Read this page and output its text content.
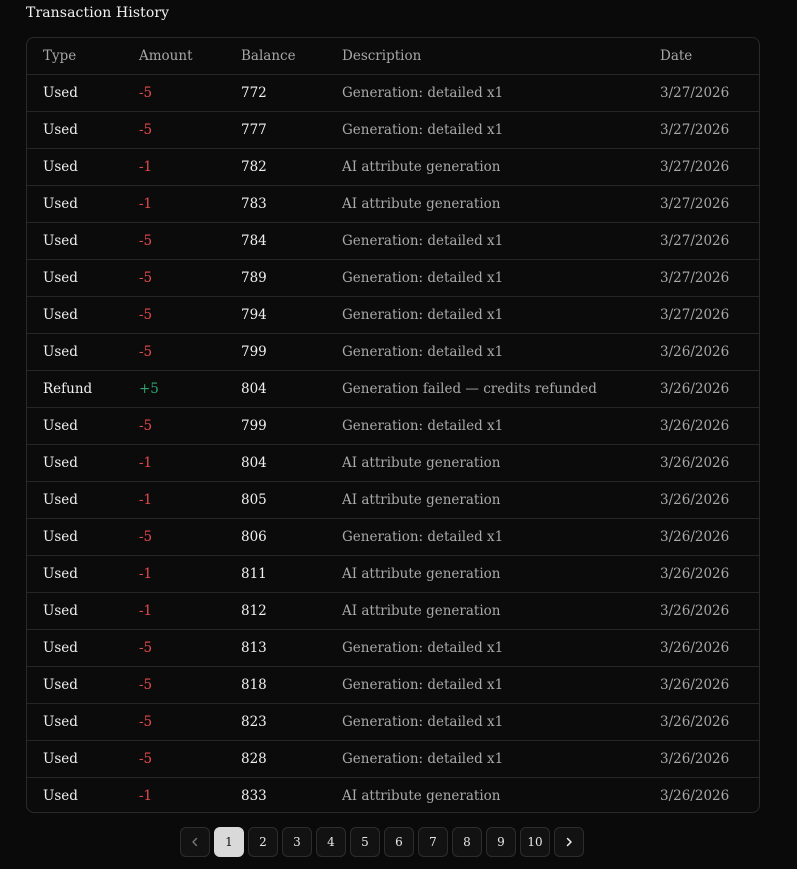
Transaction History
Type	Amount	Balance	Description	Date
Used	-5	772	Generation: detailed x1	3/27/2026
Used	-5	777	Generation: detailed x1	3/27/2026
Used	-1	782	AI attribute generation	3/27/2026
Used	-1	783	AI attribute generation	3/27/2026
Used	-5	784	Generation: detailed x1	3/27/2026
Used	-5	789	Generation: detailed x1	3/27/2026
Used	-5	794	Generation: detailed x1	3/27/2026
Used	-5	799	Generation: detailed x1	3/26/2026
Refund	+5	804	Generation failed — credits refunded	3/26/2026
Used	-5	799	Generation: detailed x1	3/26/2026
Used	-1	804	AI attribute generation	3/26/2026
Used	-1	805	AI attribute generation	3/26/2026
Used	-5	806	Generation: detailed x1	3/26/2026
Used	-1	811	AI attribute generation	3/26/2026
Used	-1	812	AI attribute generation	3/26/2026
Used	-5	813	Generation: detailed x1	3/26/2026
Used	-5	818	Generation: detailed x1	3/26/2026
Used	-5	823	Generation: detailed x1	3/26/2026
Used	-5	828	Generation: detailed x1	3/26/2026
Used	-1	833	AI attribute generation	3/26/2026
1	2	3	4	5	6	7	8	9	10
